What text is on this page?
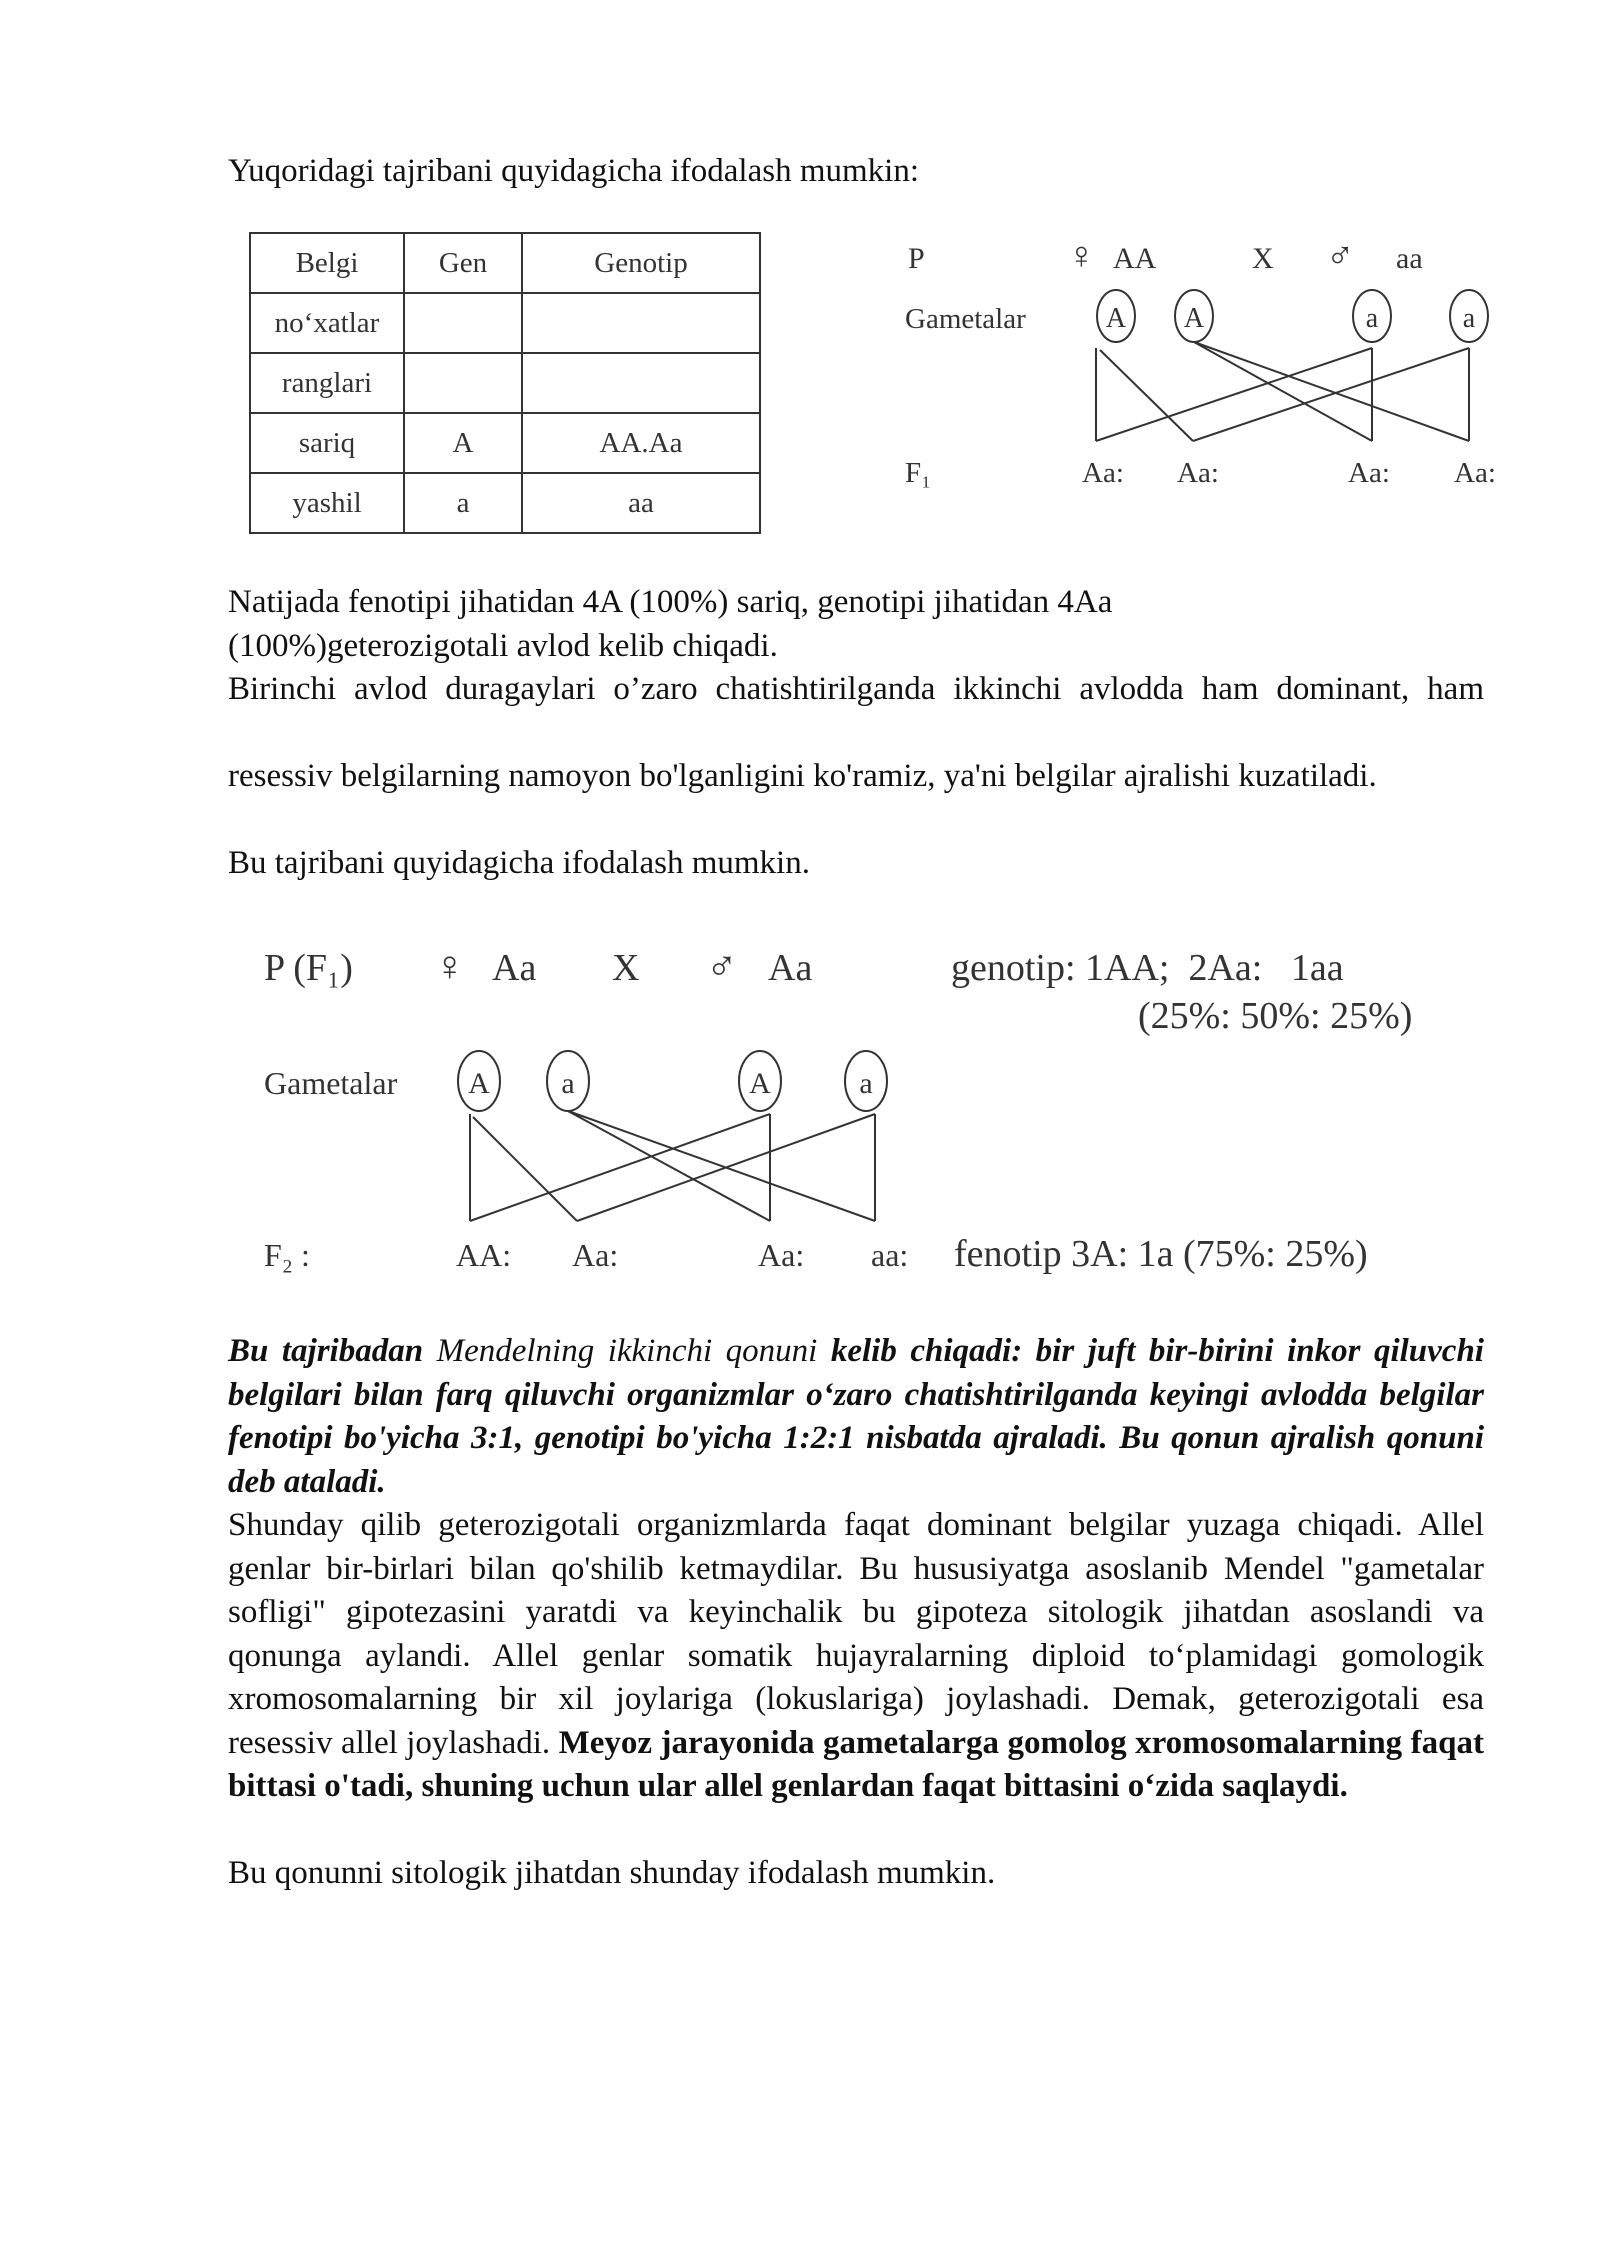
Yuqoridagi tajribani quyidagicha ifodalash mumkin:

Belgi	Gen	Genotip
no‘xatlar		
ranglari		
sariq	A	AA.Aa
yashil	a	aa
P	♀ AA	X ♂ aa
Gametalar	A A	a	a
F₁	Aa: Aa:	Aa: Aa:

Natijada fenotipi jihatidan 4A (100%) sariq, genotipi jihatidan 4Aa (100%)geterozigotali avlod kelib chiqadi.

Birinchi avlod duragaylari o’zaro chatishtirilganda ikkinchi avlodda ham dominant, ham

resessiv belgilarning namoyon bo'lganligini ko'ramiz, ya'ni belgilar ajralishi kuzatiladi.

Bu tajribani quyidagicha ifodalash mumkin.

P (F₁) ♀ Aa X ♂ Aa	genotip: 1AA;  2Aa:   1aa
(25%: 50%: 25%)
Gametalar A a	A	a
F₂ :	AA: Aa:	Aa: aa: fenotip 3A: 1a (75%: 25%)

Bu tajribadan Mendelning ikkinchi qonuni kelib chiqadi: bir juft bir-birini inkor qiluvchi belgilari bilan farq qiluvchi organizmlar o‘zaro chatishtirilganda keyingi avlodda belgilar fenotipi bo'yicha 3:1, genotipi bo'yicha 1:2:1 nisbatda ajraladi. Bu qonun ajralish qonuni deb ataladi.

Shunday qilib geterozigotali organizmlarda faqat dominant belgilar yuzaga chiqadi. Allel genlar bir-birlari bilan qo'shilib ketmaydilar. Bu hususiyatga asoslanib Mendel "gametalar sofligi" gipotezasini yaratdi va keyinchalik bu gipoteza sitologik jihatdan asoslandi va qonunga aylandi. Allel genlar somatik hujayralarning diploid to‘plamidagi gomologik xromosomalarning bir xil joylariga (lokuslariga) joylashadi. Demak, geterozigotali esa resessiv allel joylashadi. Meyoz jarayonida gametalarga gomolog xromosomalarning faqat bittasi o'tadi, shuning uchun ular allel genlardan faqat bittasini o‘zida saqlaydi.

Bu qonunni sitologik jihatdan shunday ifodalash mumkin.
